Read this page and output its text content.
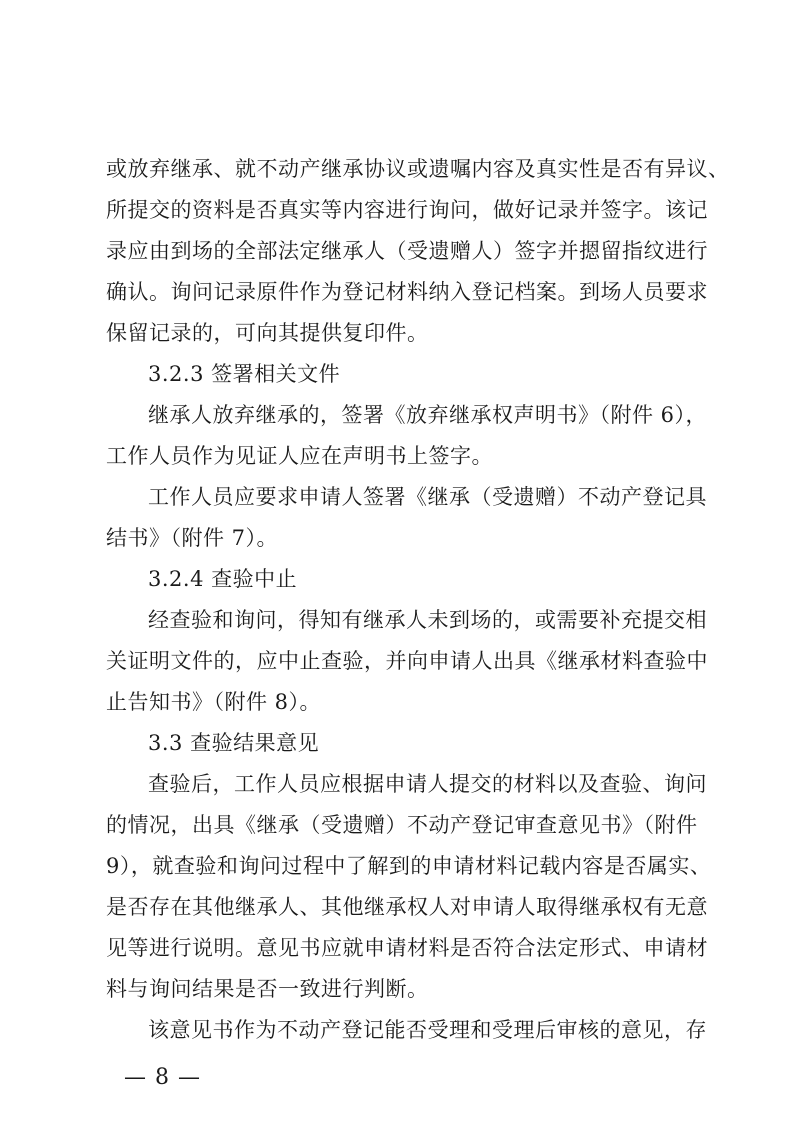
或放弃继承、就不动产继承协议或遗嘱内容及真实性是否有异议、
所提交的资料是否真实等内容进行询问，做好记录并签字。该记
录应由到场的全部法定继承人（受遗赠人）签字并摁留指纹进行
确认。询问记录原件作为登记材料纳入登记档案。到场人员要求
保留记录的，可向其提供复印件。
3.2.3 签署相关文件
继承人放弃继承的，签署《放弃继承权声明书》（附件 6），
工作人员作为见证人应在声明书上签字。
工作人员应要求申请人签署《继承（受遗赠）不动产登记具
结书》（附件 7）。
3.2.4 查验中止
经查验和询问，得知有继承人未到场的，或需要补充提交相
关证明文件的，应中止查验，并向申请人出具《继承材料查验中
止告知书》（附件 8）。
3.3 查验结果意见
查验后，工作人员应根据申请人提交的材料以及查验、询问
的情况，出具《继承（受遗赠）不动产登记审查意见书》（附件
9），就查验和询问过程中了解到的申请材料记载内容是否属实、
是否存在其他继承人、其他继承权人对申请人取得继承权有无意
见等进行说明。意见书应就申请材料是否符合法定形式、申请材
料与询问结果是否一致进行判断。
该意见书作为不动产登记能否受理和受理后审核的意见，存
— 8 —
